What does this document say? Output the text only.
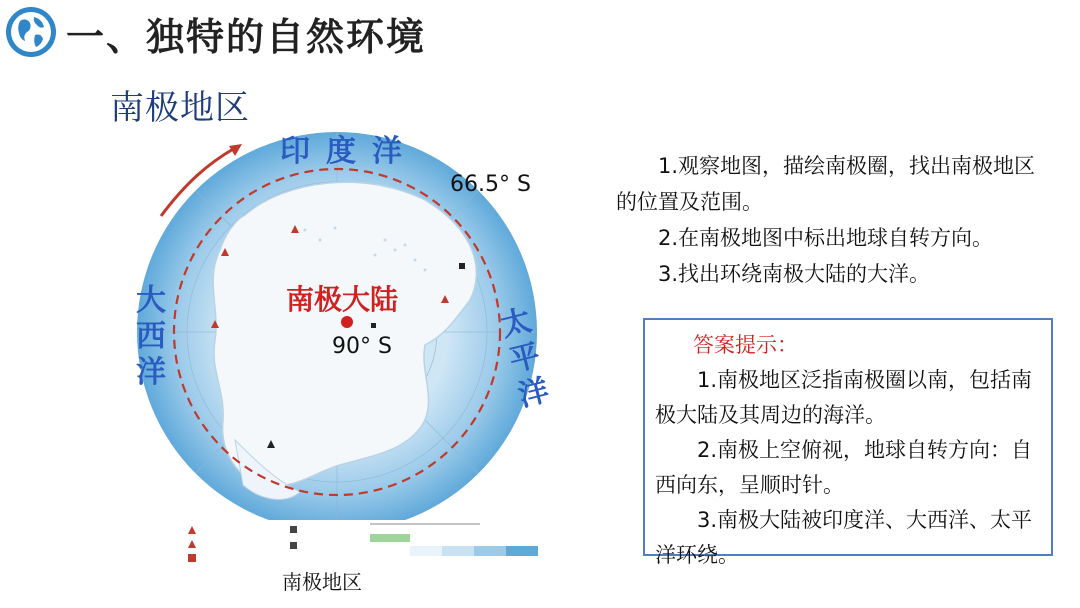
一、独特的自然环境
南极地区
印度洋
大西洋
太平洋
66.5° S
南极大陆
90° S
南极地区

1.观察地图，描绘南极圈，找出南极地区的位置及范围。

2.在南极地图中标出地球自转方向。

3.找出环绕南极大陆的大洋。

答案提示：

1.南极地区泛指南极圈以南，包括南极大陆及其周边的海洋。

2.南极上空俯视，地球自转方向：自西向东，呈顺时针。

3.南极大陆被印度洋、大西洋、太平洋环绕。
